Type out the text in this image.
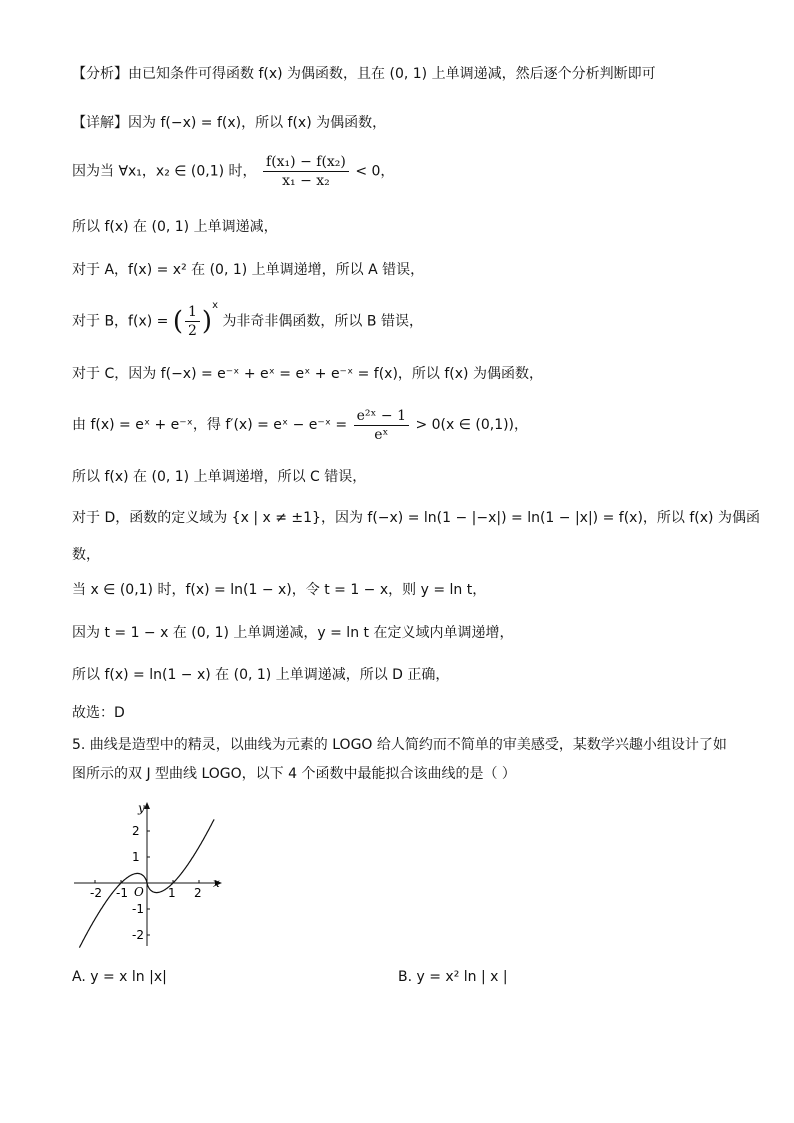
【分析】由已知条件可得函数 f(x) 为偶函数，且在 (0, 1) 上单调递减，然后逐个分析判断即可
【详解】因为 f(−x) = f(x)，所以 f(x) 为偶函数，
因为当 ∀x₁，x₂ ∈ (0,1) 时， $\frac{\text{f(x₁) − f(x₂)}}{\text{x₁ − x₂}} < 0$，
所以 f(x) 在 (0, 1) 上单调递减，
对于 A，f(x) = x² 在 (0, 1) 上单调递增，所以 A 错误，
对于 B，f(x) = ( $\frac{1}{2} )^x$ 为非奇非偶函数，所以 B 错误，
对于 C，因为 f(−x) = e⁻ˣ + eˣ = eˣ + e⁻ˣ = f(x)，所以 f(x) 为偶函数，
由 f(x) = eˣ + e⁻ˣ，得 f′(x) = eˣ − e⁻ˣ = $\frac{\text{e²ˣ − 1}}{\text{eˣ}} > 0(x$ ∈ (0,1))，
所以 f(x) 在 (0, 1) 上单调递增，所以 C 错误，
对于 D，函数的定义域为 {x | x ≠ ±1}，因为 f(−x) = ln(1 − |−x|) = ln(1 − |x|) = f(x)，所以 f(x) 为偶函
数，
当 x ∈ (0,1) 时，f(x) = ln(1 − x)，令 t = 1 − x，则 y = ln t，
因为 t = 1 − x 在 (0, 1) 上单调递减，y = ln t 在定义域内单调递增，
所以 f(x) = ln(1 − x) 在 (0, 1) 上单调递减，所以 D 正确，
故选：D
5. 曲线是造型中的精灵，以曲线为元素的 LOGO 给人简约而不简单的审美感受，某数学兴趣小组设计了如
图所示的双 J 型曲线 LOGO，以下 4 个函数中最能拟合该曲线的是（ ）
-2 -1	1 2
2
1
-1
-2
x
y
O
A. y = x ln |x|	B. y = x² ln | x |
